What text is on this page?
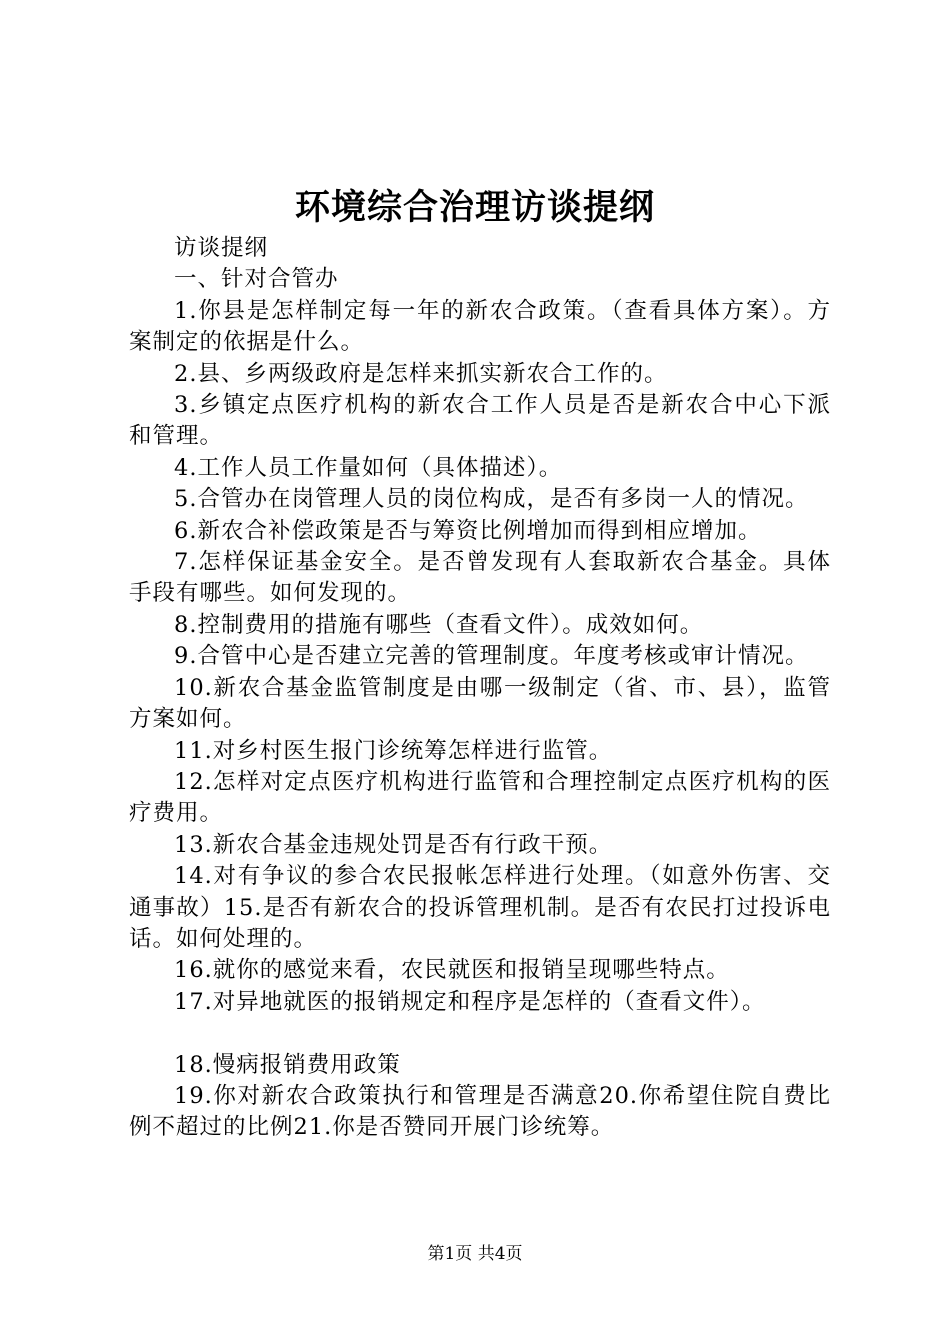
环境综合治理访谈提纲

访谈提纲

一、针对合管办

1.你县是怎样制定每一年的新农合政策。（查看具体方案）。方案制定的依据是什么。

2.县、乡两级政府是怎样来抓实新农合工作的。

3.乡镇定点医疗机构的新农合工作人员是否是新农合中心下派和管理。

4.工作人员工作量如何（具体描述）。

5.合管办在岗管理人员的岗位构成，是否有多岗一人的情况。

6.新农合补偿政策是否与筹资比例增加而得到相应增加。

7.怎样保证基金安全。是否曾发现有人套取新农合基金。具体手段有哪些。如何发现的。

8.控制费用的措施有哪些（查看文件）。成效如何。

9.合管中心是否建立完善的管理制度。年度考核或审计情况。

10.新农合基金监管制度是由哪一级制定（省、市、县），监管方案如何。

11.对乡村医生报门诊统筹怎样进行监管。

12.怎样对定点医疗机构进行监管和合理控制定点医疗机构的医疗费用。

13.新农合基金违规处罚是否有行政干预。

14.对有争议的参合农民报帐怎样进行处理。（如意外伤害、交通事故）15.是否有新农合的投诉管理机制。是否有农民打过投诉电话。如何处理的。

16.就你的感觉来看，农民就医和报销呈现哪些特点。

17.对异地就医的报销规定和程序是怎样的（查看文件）。

18.慢病报销费用政策

19.你对新农合政策执行和管理是否满意20.你希望住院自费比例不超过的比例21.你是否赞同开展门诊统筹。

第1页 共4页
